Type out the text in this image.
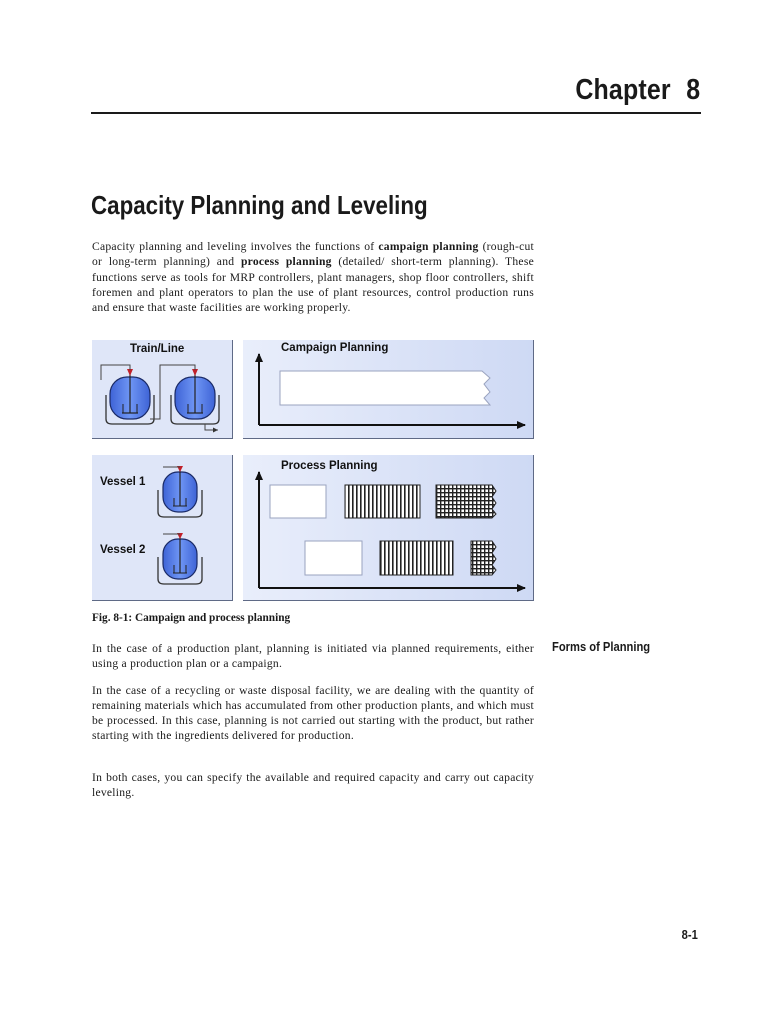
Chapter 8
Capacity Planning and Leveling
Capacity planning and leveling involves the functions of campaign planning (rough-cut or long-term planning) and process planning (detailed/ short-term planning). These functions serve as tools for MRP controllers, plant managers, shop floor controllers, shift foremen and plant operators to plan the use of plant resources, control production runs and ensure that waste facilities are working properly.
Train/Line	Campaign Planning
Process Planning
Vessel 1
Vessel 2
Fig. 8-1: Campaign and process planning
Forms of Planning
In the case of a production plant, planning is initiated via planned requirements, either using a production plan or a campaign.
In the case of a recycling or waste disposal facility, we are dealing with the quantity of remaining materials which has accumulated from other production plants, and which must be processed. In this case, planning is not carried out starting with the product, but rather starting with the ingredients delivered for production.
In both cases, you can specify the available and required capacity and carry out capacity leveling.
8-1
